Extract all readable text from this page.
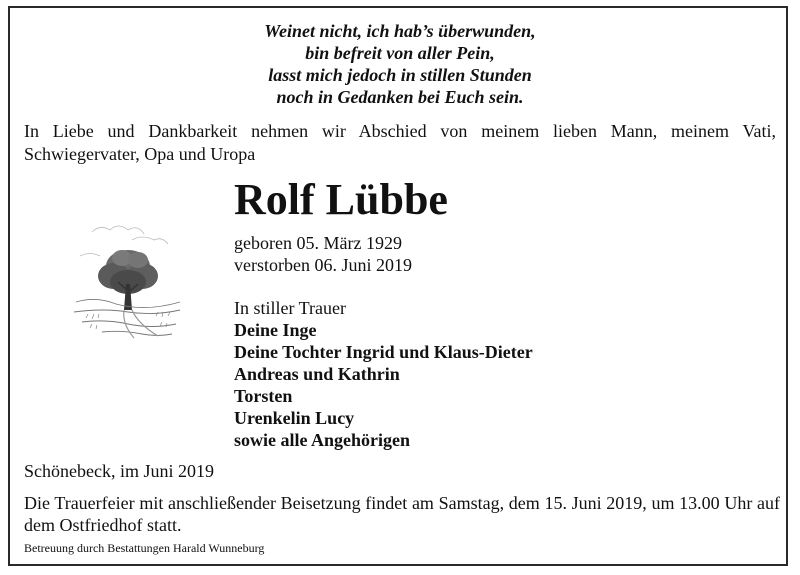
Weinet nicht, ich hab’s überwunden,
bin befreit von aller Pein,
lasst mich jedoch in stillen Stunden
noch in Gedanken bei Euch sein.
In Liebe und Dankbarkeit nehmen wir Abschied von meinem lieben Mann, meinem Vati, Schwiegervater, Opa und Uropa
Rolf Lübbe
geboren 05. März 1929
verstorben 06. Juni 2019
In stiller Trauer
Deine Inge
Deine Tochter Ingrid und Klaus-Dieter
Andreas und Kathrin
Torsten
Urenkelin Lucy
sowie alle Angehörigen
Schönebeck, im Juni 2019
Die Trauerfeier mit anschließender Beisetzung findet am Samstag, dem 15. Juni 2019, um 13.00 Uhr auf dem Ostfriedhof statt.
Betreuung durch Bestattungen Harald Wunneburg
